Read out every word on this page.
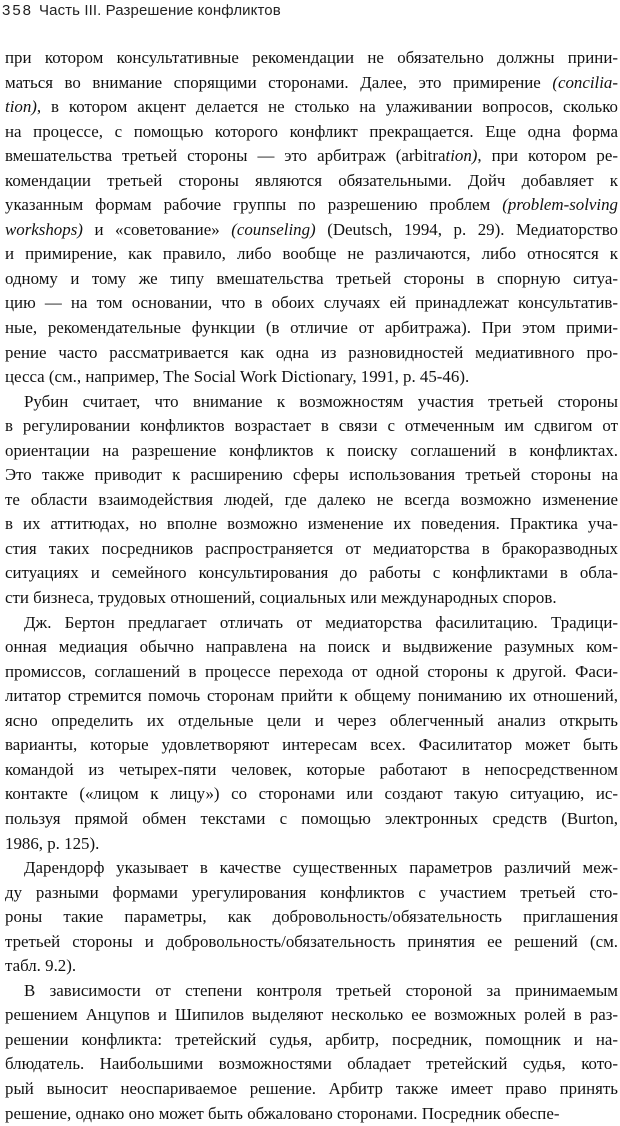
358 Часть III. Разрешение конфликтов
при котором консультативные рекомендации не обязательно должны прини-
маться во внимание спорящими сторонами. Далее, это примирение (concilia-
tion), в котором акцент делается не столько на улаживании вопросов, сколько
на процессе, с помощью которого конфликт прекращается. Еще одна форма
вмешательства третьей стороны — это арбитраж (arbitration), при котором ре-
комендации третьей стороны являются обязательными. Дойч добавляет к
указанным формам рабочие группы по разрешению проблем (problem-solving
workshops) и «советование» (counseling) (Deutsch, 1994, р. 29). Медиаторство
и примирение, как правило, либо вообще не различаются, либо относятся к
одному и тому же типу вмешательства третьей стороны в спорную ситуа-
цию — на том основании, что в обоих случаях ей принадлежат консультатив-
ные, рекомендательные функции (в отличие от арбитража). При этом прими-
рение часто рассматривается как одна из разновидностей медиативного про-
цесса (см., например, The Social Work Dictionary, 1991, р. 45-46).
Рубин считает, что внимание к возможностям участия третьей стороны
в регулировании конфликтов возрастает в связи с отмеченным им сдвигом от
ориентации на разрешение конфликтов к поиску соглашений в конфликтах.
Это также приводит к расширению сферы использования третьей стороны на
те области взаимодействия людей, где далеко не всегда возможно изменение
в их аттитюдах, но вполне возможно изменение их поведения. Практика уча-
стия таких посредников распространяется от медиаторства в бракоразводных
ситуациях и семейного консультирования до работы с конфликтами в обла-
сти бизнеса, трудовых отношений, социальных или международных споров.
Дж. Бертон предлагает отличать от медиаторства фасилитацию. Традици-
онная медиация обычно направлена на поиск и выдвижение разумных ком-
промиссов, соглашений в процессе перехода от одной стороны к другой. Фаси-
литатор стремится помочь сторонам прийти к общему пониманию их отношений,
ясно определить их отдельные цели и через облегченный анализ открыть
варианты, которые удовлетворяют интересам всех. Фасилитатор может быть
командой из четырех-пяти человек, которые работают в непосредственном
контакте («лицом к лицу») со сторонами или создают такую ситуацию, ис-
пользуя прямой обмен текстами с помощью электронных средств (Burton,
1986, р. 125).
Дарендорф указывает в качестве существенных параметров различий меж-
ду разными формами урегулирования конфликтов с участием третьей сто-
роны такие параметры, как добровольность/обязательность приглашения
третьей стороны и добровольность/обязательность принятия ее решений (см.
табл. 9.2).
В зависимости от степени контроля третьей стороной за принимаемым
решением Анцупов и Шипилов выделяют несколько ее возможных ролей в раз-
решении конфликта: третейский судья, арбитр, посредник, помощник и на-
блюдатель. Наибольшими возможностями обладает третейский судья, кото-
рый выносит неоспариваемое решение. Арбитр также имеет право принять
решение, однако оно может быть обжаловано сторонами. Посредник обеспе-
